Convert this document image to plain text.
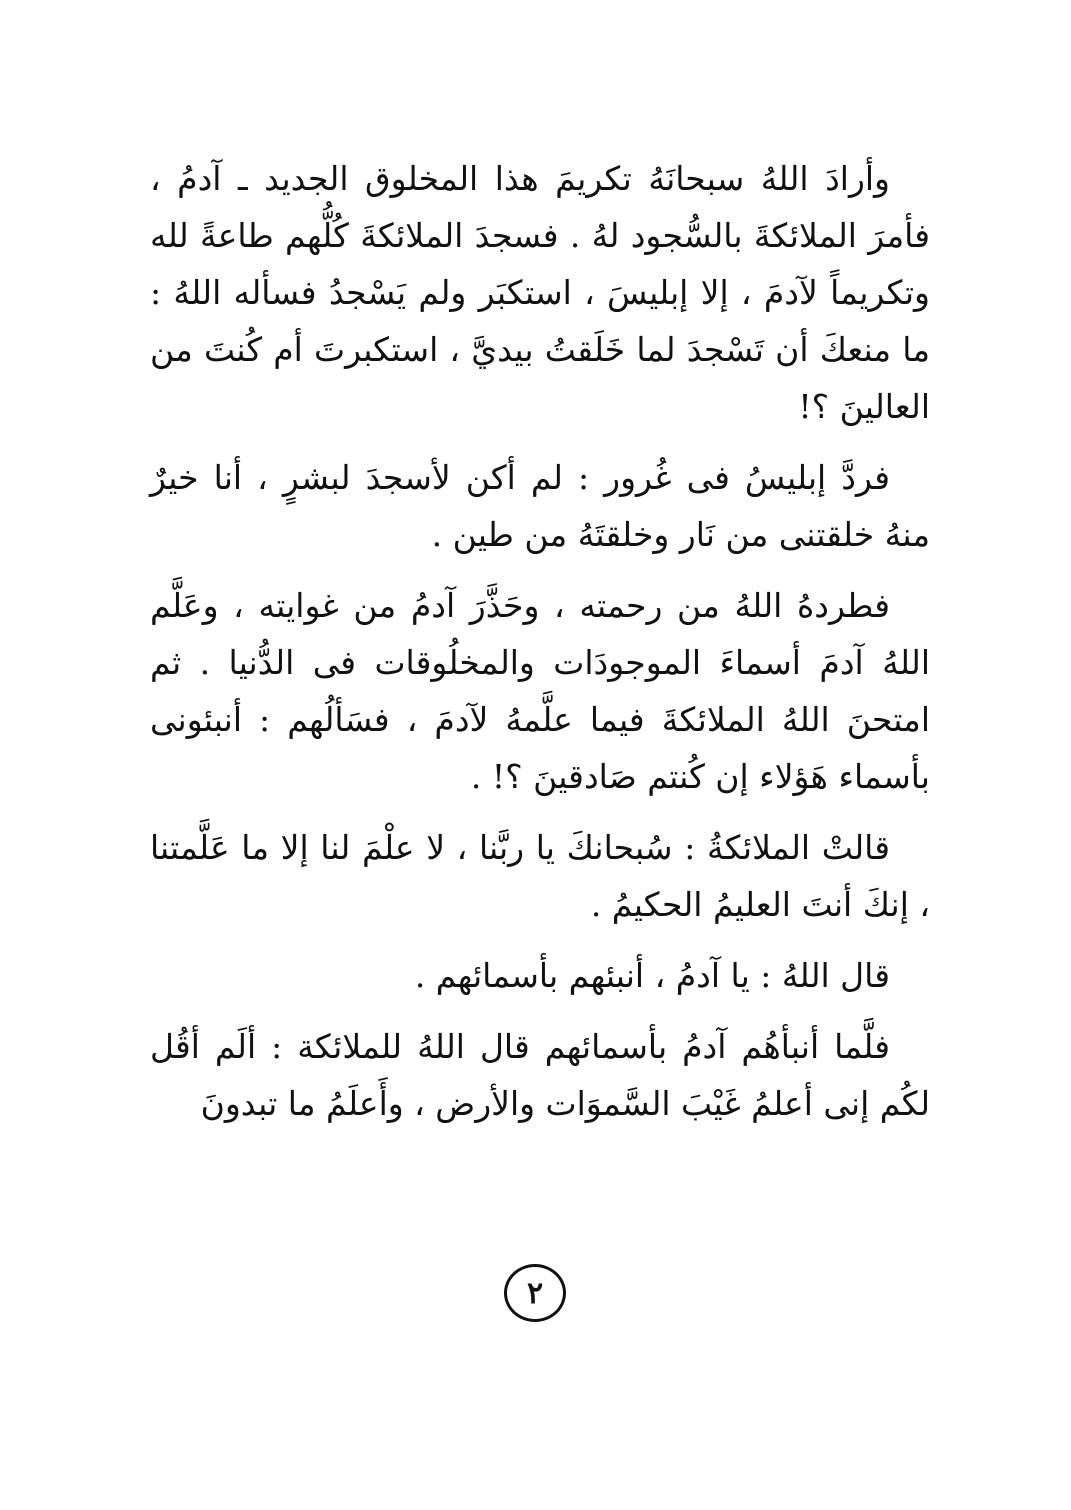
وأرادَ اللهُ سبحانَهُ تكريمَ هذا المخلوق الجديد ـ آدمُ ، فأمرَ الملائكةَ بالسُّجود لهُ . فسجدَ الملائكةَ كُلُّهم طاعةً لله وتكريماً لآدمَ ، إلا إبليسَ ، استكبَر ولم يَسْجدُ فسأله اللهُ : ما منعكَ أن تَسْجدَ لما خَلَقتُ بيديَّ ، استكبرتَ أم كُنتَ من العالينَ ؟!

فردَّ إبليسُ فى غُرور : لم أكن لأسجدَ لبشرٍ ، أنا خيرٌ منهُ خلقتنى من نَار وخلقتَهُ من طين .

فطردهُ اللهُ من رحمته ، وحَذَّرَ آدمُ من غوايته ، وعَلَّم اللهُ آدمَ أسماءَ الموجودَات والمخلُوقات فى الدُّنيا . ثم امتحنَ اللهُ الملائكةَ فيما علَّمهُ لآدمَ ، فسَألُهم : أنبئونى بأسماء هَؤلاء إن كُنتم صَادقينَ ؟! .

قالتْ الملائكةُ : سُبحانكَ يا ربَّنا ، لا علْمَ لنا إلا ما عَلَّمتنا ، إنكَ أنتَ العليمُ الحكيمُ .

قال اللهُ : يا آدمُ ، أنبئهم بأسمائهم .

فلَّما أنبأهُم آدمُ بأسمائهم قال اللهُ للملائكة : ألَم أقُل لكُم إنى أعلمُ غَيْبَ السَّموَات والأرض ، وأَعلَمُ ما تبدونَ

٢
